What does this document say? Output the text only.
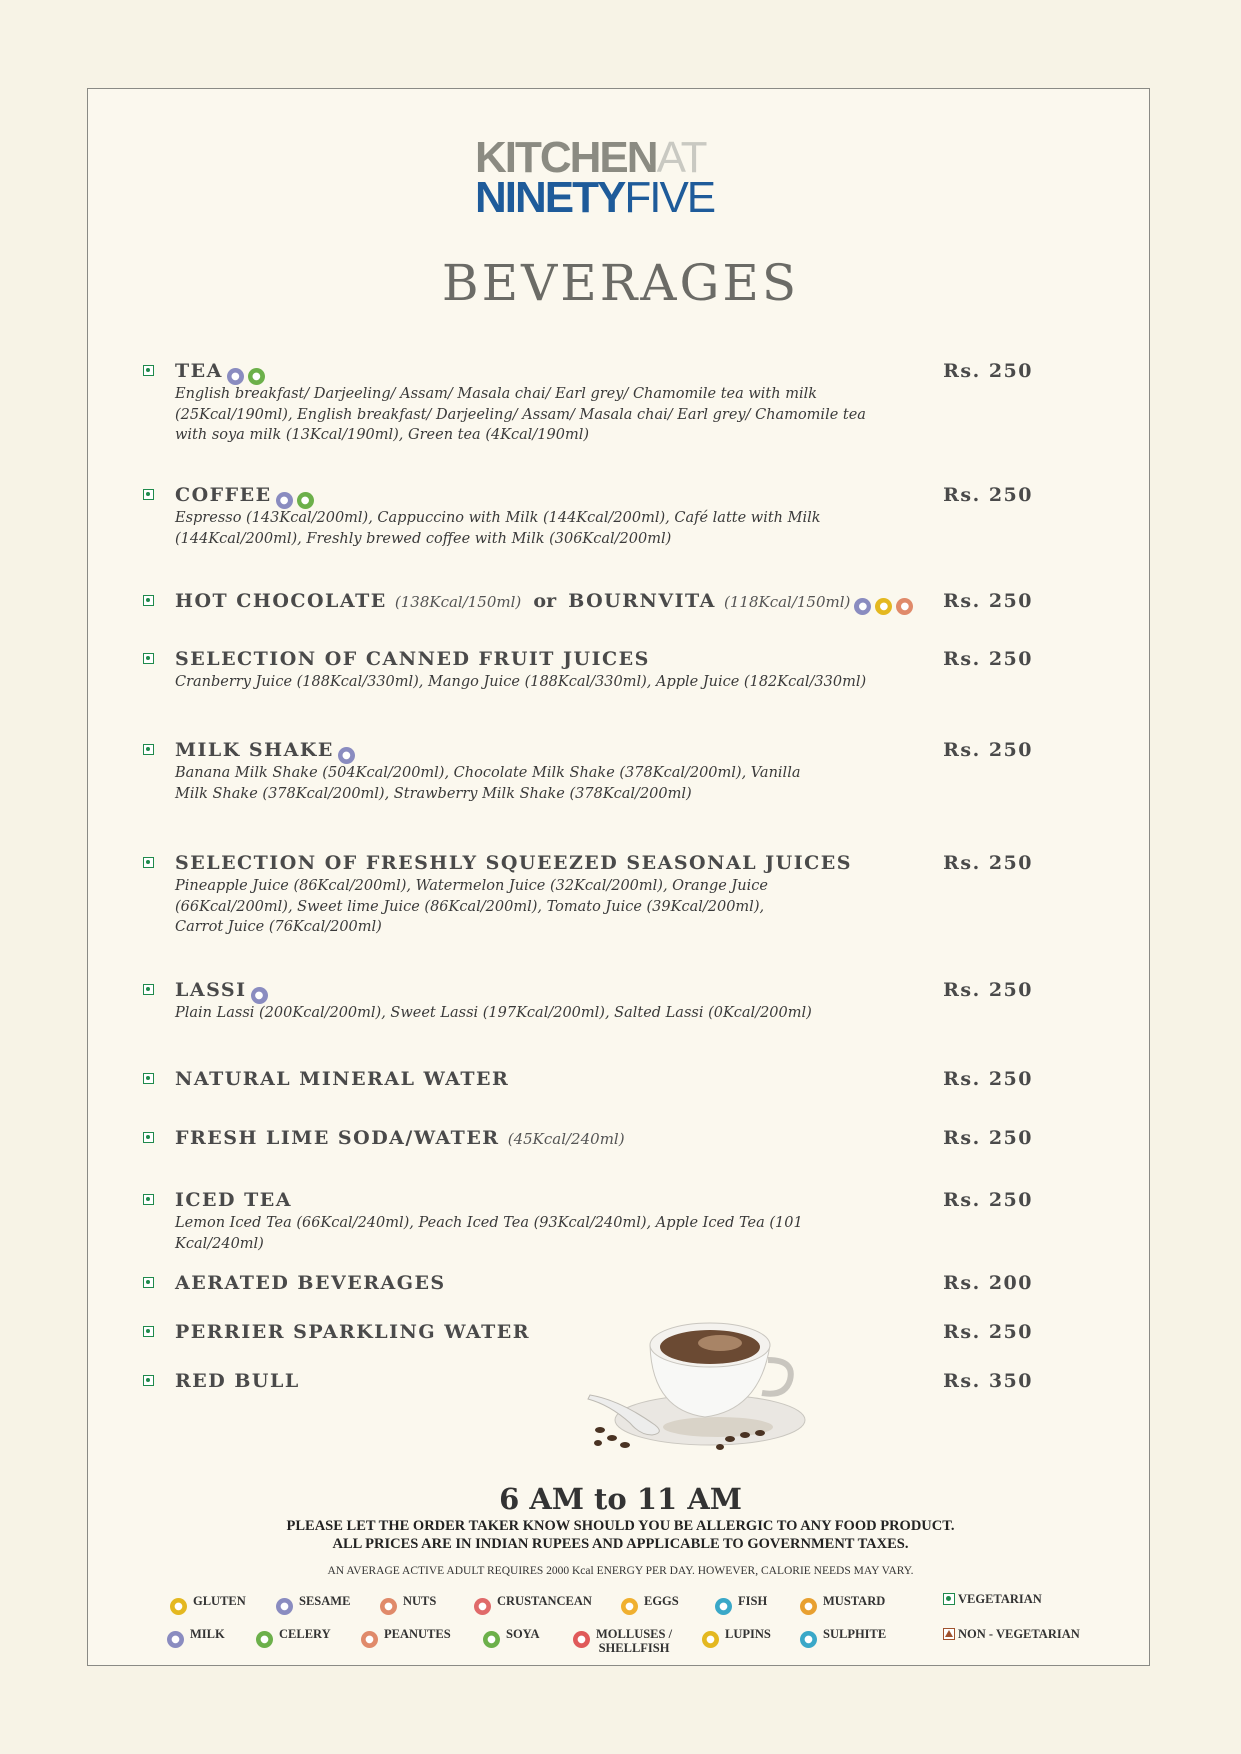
KITCHENAT
NINETYFIVE
BEVERAGES
TEA ● ●	Rs. 250
English breakfast/ Darjeeling/ Assam/ Masala chai/ Earl grey/ Chamomile tea with milk (25Kcal/190ml), English breakfast/ Darjeeling/ Assam/ Masala chai/ Earl grey/ Chamomile tea with soya milk (13Kcal/190ml), Green tea (4Kcal/190ml)
COFFEE ● ●	Rs. 250
Espresso (143Kcal/200ml), Cappuccino with Milk (144Kcal/200ml), Café latte with Milk (144Kcal/200ml), Freshly brewed coffee with Milk (306Kcal/200ml)
HOT CHOCOLATE (138Kcal/150ml) or BOURNVITA (118Kcal/150ml) ● ● ● Rs. 250
SELECTION OF CANNED FRUIT JUICES	Rs. 250
Cranberry Juice (188Kcal/330ml), Mango Juice (188Kcal/330ml), Apple Juice (182Kcal/330ml)
MILK SHAKE ●	Rs. 250
Banana Milk Shake (504Kcal/200ml), Chocolate Milk Shake (378Kcal/200ml), Vanilla Milk Shake (378Kcal/200ml), Strawberry Milk Shake (378Kcal/200ml)
SELECTION OF FRESHLY SQUEEZED SEASONAL JUICES	Rs. 250
Pineapple Juice (86Kcal/200ml), Watermelon Juice (32Kcal/200ml), Orange Juice (66Kcal/200ml), Sweet lime Juice (86Kcal/200ml), Tomato Juice (39Kcal/200ml), Carrot Juice (76Kcal/200ml)
LASSI ●	Rs. 250
Plain Lassi (200Kcal/200ml), Sweet Lassi (197Kcal/200ml), Salted Lassi (0Kcal/200ml)
NATURAL MINERAL WATER	Rs. 250
FRESH LIME SODA/WATER (45Kcal/240ml)	Rs. 250
ICED TEA	Rs. 250
Lemon Iced Tea (66Kcal/240ml), Peach Iced Tea (93Kcal/240ml), Apple Iced Tea (101 Kcal/240ml)
AERATED BEVERAGES	Rs. 200
PERRIER SPARKLING WATER	Rs. 250
RED BULL	Rs. 350
6 AM to 11 AM
PLEASE LET THE ORDER TAKER KNOW SHOULD YOU BE ALLERGIC TO ANY FOOD PRODUCT.
ALL PRICES ARE IN INDIAN RUPEES AND APPLICABLE TO GOVERNMENT TAXES.
AN AVERAGE ACTIVE ADULT REQUIRES 2000 Kcal ENERGY PER DAY. HOWEVER, CALORIE NEEDS MAY VARY.
● GLUTEN	● SESAME	● NUTS	● CRUSTANCEAN	● EGGS	● FISH	● MUSTARD	VEGETARIAN
● MILK	● CELERY	● PEANUTES	● SOYA	● MOLLUSES /
SHELLFISH
● LUPINS	● SULPHITE	NON - VEGETARIAN
